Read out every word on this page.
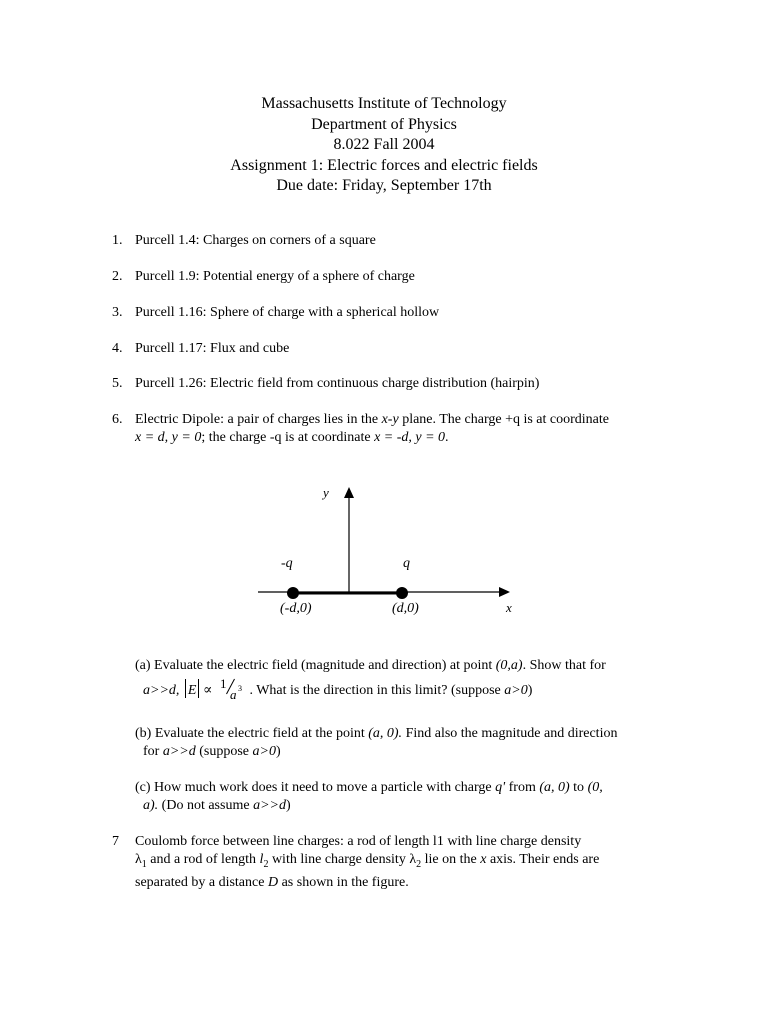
Massachusetts Institute of Technology
Department of Physics
8.022 Fall 2004
Assignment 1: Electric forces and electric fields
Due date: Friday, September 17th
1. Purcell 1.4: Charges on corners of a square
2. Purcell 1.9: Potential energy of a sphere of charge
3. Purcell 1.16: Sphere of charge with a spherical hollow
4. Purcell 1.17: Flux and cube
5. Purcell 1.26: Electric field from continuous charge distribution (hairpin)
6. Electric Dipole: a pair of charges lies in the x-y plane. The charge +q is at coordinate
x = d, y = 0; the charge -q is at coordinate x = -d, y = 0.
y
-q	q
(-d,0)	(d,0)	x
(a) Evaluate the electric field (magnitude and direction) at point (0,a). Show that for

a>>d, E ∝ 1
a 3 . What is the direction in this limit? (suppose a>0)
(b) Evaluate the electric field at the point (a, 0). Find also the magnitude and direction

for a>>d (suppose a>0)
(c) How much work does it need to move a particle with charge q' from (a, 0) to (0,

a). (Do not assume a>>d)
7 Coulomb force between line charges: a rod of length l1 with line charge density
$\lambda_1$ and a rod of length $l_2$ with line charge density $\lambda_2$ lie on the x axis. Their ends are
separated by a distance D as shown in the figure.
